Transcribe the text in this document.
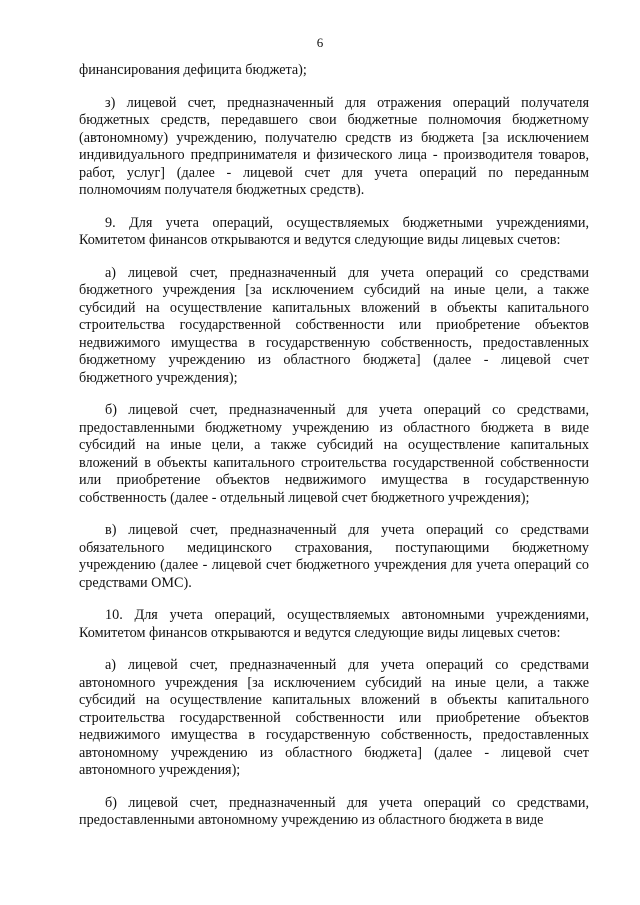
6

финансирования дефицита бюджета);

з) лицевой счет, предназначенный для отражения операций получателя бюджетных средств, передавшего свои бюджетные полномочия бюджетному (автономному) учреждению, получателю средств из бюджета [за исключением индивидуального предпринимателя и физического лица - производителя товаров, работ, услуг] (далее - лицевой счет для учета операций по переданным полномочиям получателя бюджетных средств).

9. Для учета операций, осуществляемых бюджетными учреждениями, Комитетом финансов открываются и ведутся следующие виды лицевых счетов:

а) лицевой счет, предназначенный для учета операций со средствами бюджетного учреждения [за исключением субсидий на иные цели, а также субсидий на осуществление капитальных вложений в объекты капитального строительства государственной собственности или приобретение объектов недвижимого имущества в государственную собственность, предоставленных бюджетному учреждению из областного бюджета] (далее - лицевой счет бюджетного учреждения);

б) лицевой счет, предназначенный для учета операций со средствами, предоставленными бюджетному учреждению из областного бюджета в виде субсидий на иные цели, а также субсидий на осуществление капитальных вложений в объекты капитального строительства государственной собственности или приобретение объектов недвижимого имущества в государственную собственность (далее - отдельный лицевой счет бюджетного учреждения);

в) лицевой счет, предназначенный для учета операций со средствами обязательного медицинского страхования, поступающими бюджетному учреждению (далее - лицевой счет бюджетного учреждения для учета операций со средствами ОМС).

10. Для учета операций, осуществляемых автономными учреждениями, Комитетом финансов открываются и ведутся следующие виды лицевых счетов:

а) лицевой счет, предназначенный для учета операций со средствами автономного учреждения [за исключением субсидий на иные цели, а также субсидий на осуществление капитальных вложений в объекты капитального строительства государственной собственности или приобретение объектов недвижимого имущества в государственную собственность, предоставленных автономному учреждению из областного бюджета] (далее - лицевой счет автономного учреждения);

б) лицевой счет, предназначенный для учета операций со средствами, предоставленными автономному учреждению из областного бюджета в виде
